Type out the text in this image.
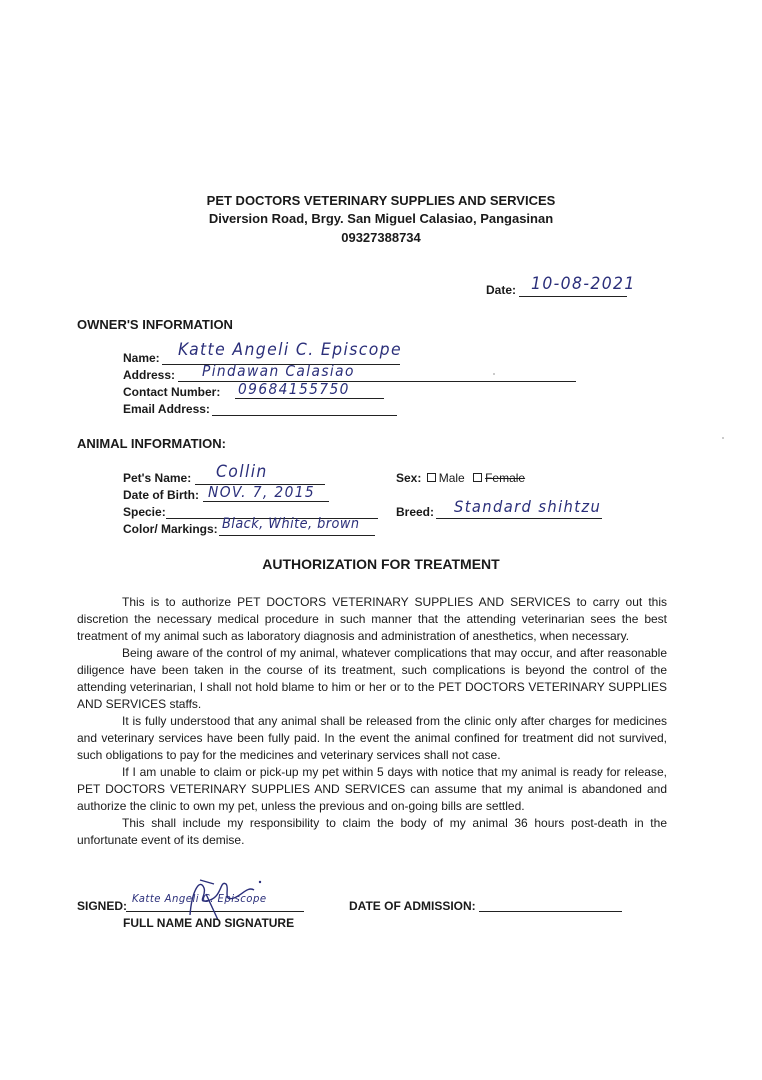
PET DOCTORS VETERINARY SUPPLIES AND SERVICES
Diversion Road, Brgy. San Miguel Calasiao, Pangasinan
09327388734
Date: 10-08-2021
OWNER'S INFORMATION
Name: Katte Angeli C. Episcope
Address: Pindawan Calasiao
Contact Number: 09684155750
Email Address:
ANIMAL INFORMATION:
Pet's Name: Collin
Date of Birth: NOV. 7, 2015
Specie:
Color/ Markings: Black, White, brown
Sex: Male Female
Breed: Standard shihtzu
AUTHORIZATION FOR TREATMENT

This is to authorize PET DOCTORS VETERINARY SUPPLIES AND SERVICES to carry out this discretion the necessary medical procedure in such manner that the attending veterinarian sees the best treatment of my animal such as laboratory diagnosis and administration of anesthetics, when necessary.

Being aware of the control of my animal, whatever complications that may occur, and after reasonable diligence have been taken in the course of its treatment, such complications is beyond the control of the attending veterinarian, I shall not hold blame to him or her or to the PET DOCTORS VETERINARY SUPPLIES AND SERVICES staffs.

It is fully understood that any animal shall be released from the clinic only after charges for medicines and veterinary services have been fully paid. In the event the animal confined for treatment did not survived, such obligations to pay for the medicines and veterinary services shall not case.

If I am unable to claim or pick-up my pet within 5 days with notice that my animal is ready for release, PET DOCTORS VETERINARY SUPPLIES AND SERVICES can assume that my animal is abandoned and authorize the clinic to own my pet, unless the previous and on-going bills are settled.

This shall include my responsibility to claim the body of my animal 36 hours post-death in the unfortunate event of its demise.

SIGNED:
Katte Angeli C. Episcope
FULL NAME AND SIGNATURE
DATE OF ADMISSION:
